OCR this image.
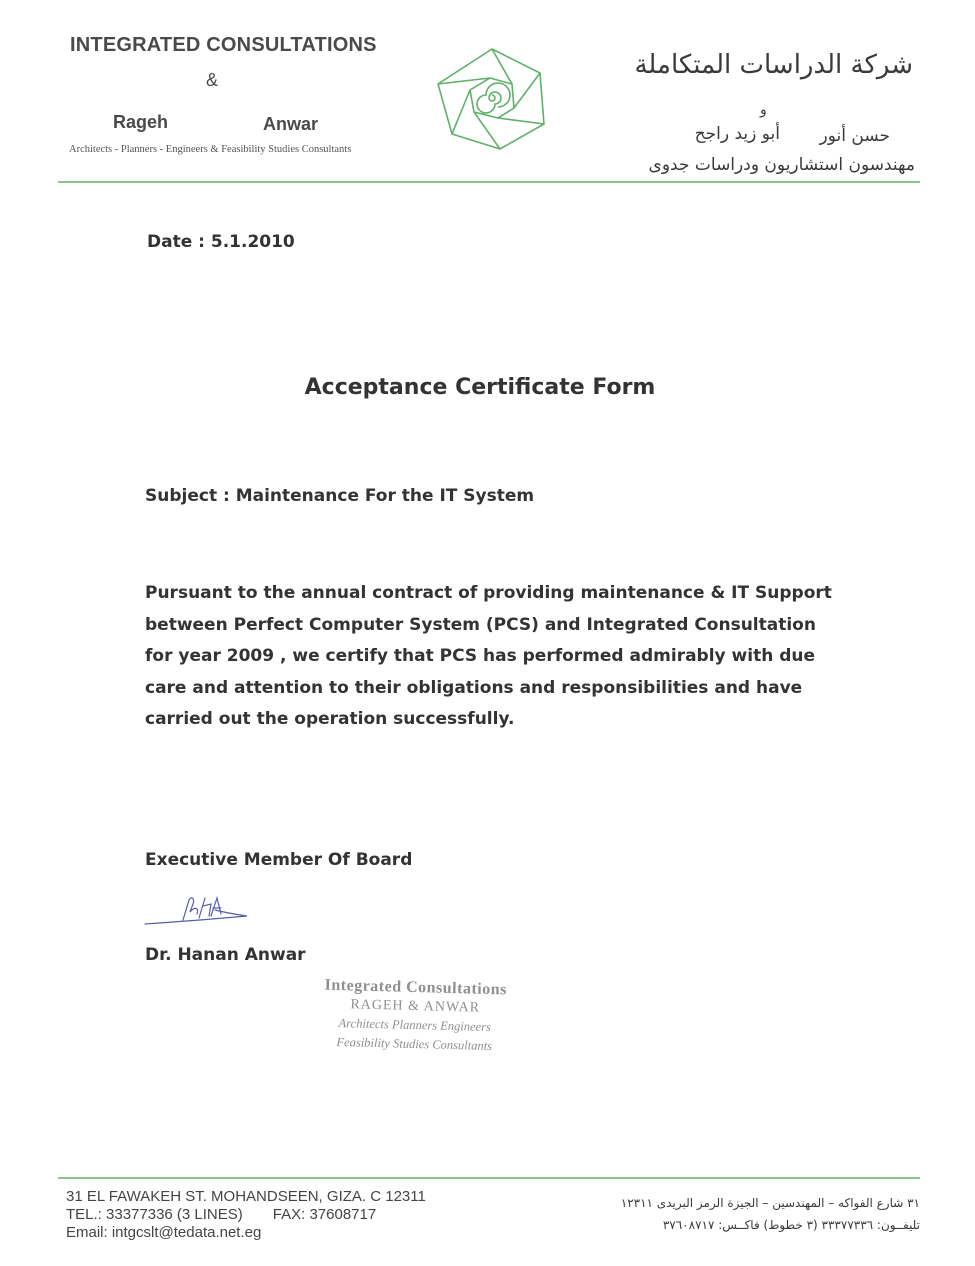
INTEGRATED CONSULTATIONS
&
Rageh	Anwar
Architects - Planners - Engineers & Feasibility Studies Consultants
شركة الدراسات المتكاملة
و
حسن أنور
أبو زيد راجح
مهندسون استشاريون ودراسات جدوى
Date : 5.1.2010
Acceptance Certificate Form
Subject : Maintenance For the IT System
Pursuant to the annual contract of providing maintenance & IT Support
between Perfect Computer System (PCS) and Integrated Consultation
for year 2009 , we certify that PCS has performed admirably with due
care and attention to their obligations and responsibilities and have
carried out the operation successfully.
Executive Member Of Board
Dr. Hanan Anwar
Integrated Consultations
RAGEH & ANWAR
Architects Planners Engineers
Feasibility Studies Consultants
31 EL FAWAKEH ST. MOHANDSEEN, GIZA. C 12311
TEL.: 33377336 (3 LINES) FAX: 37608717
Email: intgcslt@tedata.net.eg
٣١ شارع الفواكه – المهندسين – الجيزة الرمز البريدى ١٢٣١١
تليفــون: ٣٣٣٧٧٣٣٦ (٣ خطوط) فاكــس: ٣٧٦٠٨٧١٧
